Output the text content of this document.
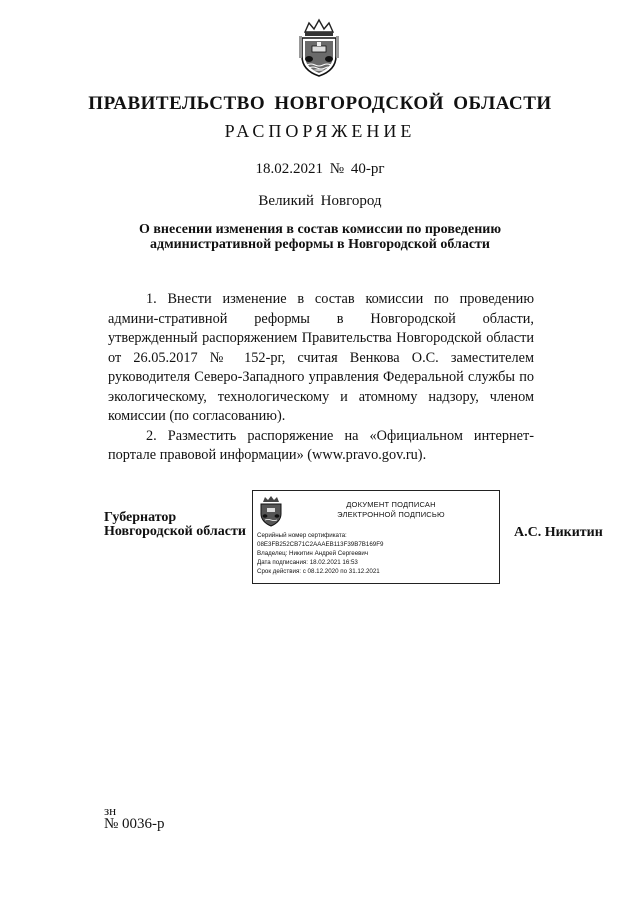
ПРАВИТЕЛЬСТВО НОВГОРОДСКОЙ ОБЛАСТИ
РАСПОРЯЖЕНИЕ
18.02.2021 № 40-рг
Великий Новгород
О внесении изменения в состав комиссии по проведению
административной реформы в Новгородской области

1. Внести изменение в состав комиссии по проведению админи-стративной реформы в Новгородской области, утвержденный распоряжением Правительства Новгородской области от 26.05.2017 № 152-рг, считая Венкова О.С. заместителем руководителя Северо-Западного управления Федеральной службы по экологическому, технологическому и атомному надзору, членом комиссии (по согласованию).

2. Разместить распоряжение на «Официальном интернет-портале правовой информации» (www.pravo.gov.ru).

Губернатор
Новгородской области
ДОКУМЕНТ ПОДПИСАН
ЭЛЕКТРОННОЙ ПОДПИСЬЮ
Серийный номер сертификата:
08E3FB252CB71C2AAAEB113F39B7B169F9
Владелец: Никитин Андрей Сергеевич
Дата подписания: 18.02.2021 16:53
Срок действия: с 08.12.2020 по 31.12.2021
А.С. Никитин
зн
№ 0036-р
